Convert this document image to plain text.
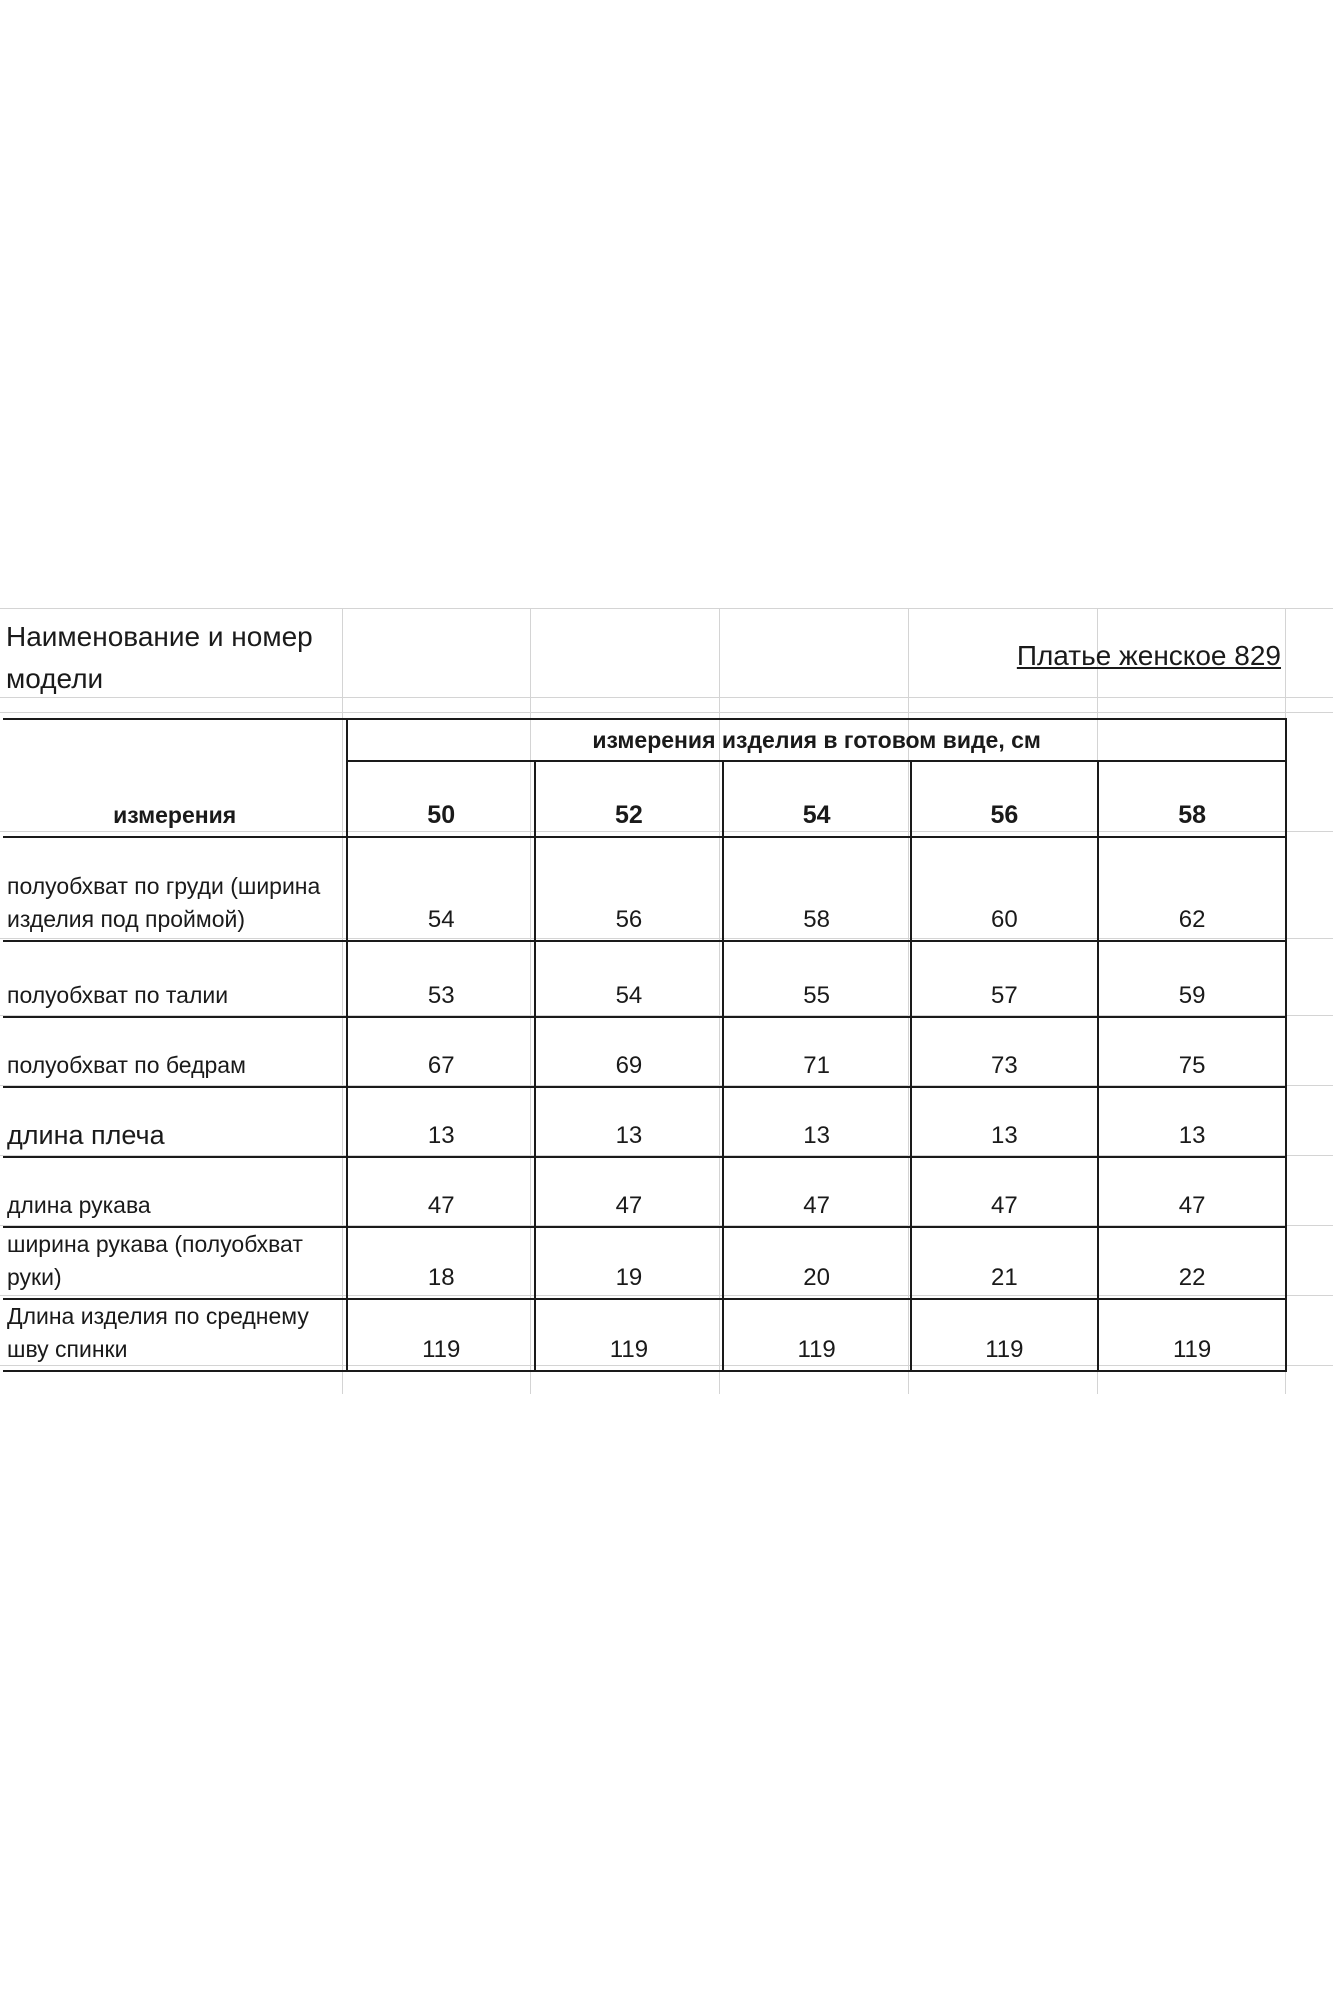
Наименование и номер модели
Платье женское 829
измерения	измерения изделия в готовом виде, см				
	50	52	54	56	58
полуобхват по груди (ширина изделия под проймой)	54	56	58	60	62
полуобхват по талии	53	54	55	57	59
полуобхват по бедрам	67	69	71	73	75
длина плеча	13	13	13	13	13
длина рукава	47	47	47	47	47
ширина рукава (полуобхват руки)	18	19	20	21	22
Длина изделия по среднему шву спинки	119	119	119	119	119
